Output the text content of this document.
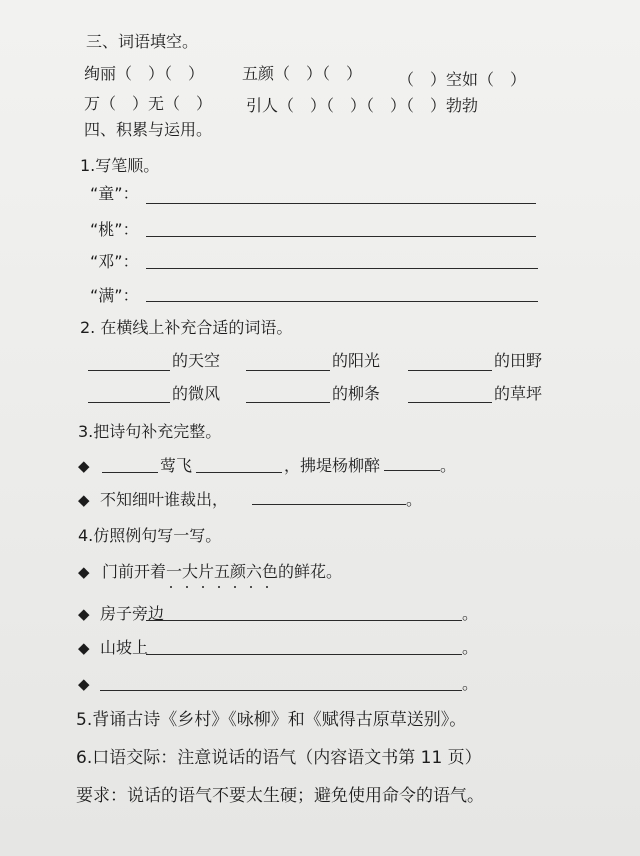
三、词语填空。
绚丽（　）（　） 五颜（　）（　） （　）空如（　）
万（　）无（　） 引人（　）（　）（　）（　）勃勃
四、积累与运用。
1.写笔顺。
“童”：
“桃”：
“邓”：
“满”：
2. 在横线上补充合适的词语。
的天空	的阳光	的田野
的微风	的柳条	的草坪
3.把诗句补充完整。
◆	莺飞	，拂堤杨柳醉	。
◆ 不知细叶谁裁出，	。
4.仿照例句写一写。
◆ 门前开着一大片五颜六色的鲜花。
◆ 房子旁边	。
◆ 山坡上	。
◆	。
5.背诵古诗《乡村》《咏柳》和《赋得古原草送别》。
6.口语交际：注意说话的语气（内容语文书第 11 页）
要求：说话的语气不要太生硬；避免使用命令的语气。
